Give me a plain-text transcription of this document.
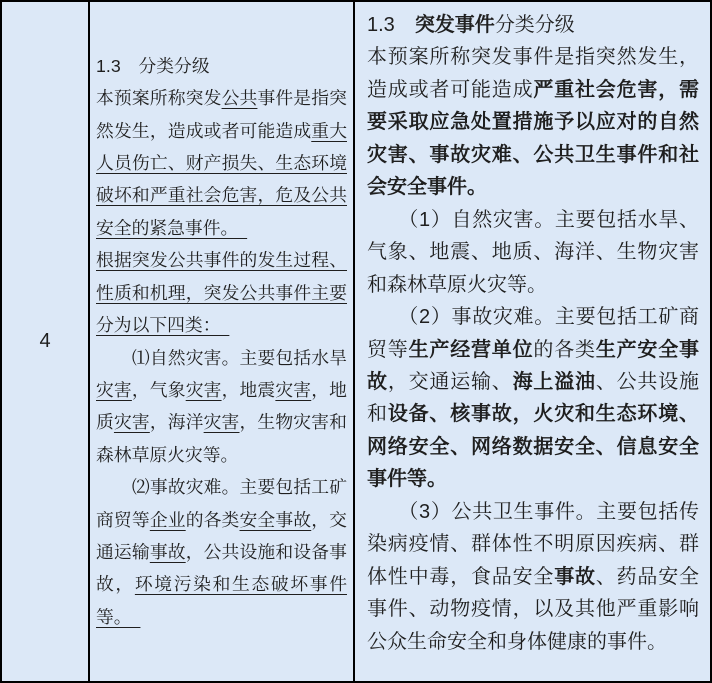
4

1.3　分类分级

本预案所称突发公共事件是指突然发生，造成或者可能造成重大人员伤亡、财产损失、生态环境破坏和严重社会危害，危及公共安全的紧急事件。　

根据突发公共事件的发生过程、性质和机理，突发公共事件主要分为以下四类：　

　　⑴自然灾害。主要包括水旱灾害，气象灾害，地震灾害，地质灾害，海洋灾害，生物灾害和森林草原火灾等。

　　⑵事故灾难。主要包括工矿商贸等企业的各类安全事故，交通运输事故，公共设施和设备事故，环境污染和生态破坏事件等。　

1.3　突发事件分类分级

本预案所称突发事件是指突然发生，造成或者可能造成严重社会危害，需要采取应急处置措施予以应对的自然灾害、事故灾难、公共卫生事件和社会安全事件。

　　（1）自然灾害。主要包括水旱、气象、地震、地质、海洋、生物灾害和森林草原火灾等。

　　（2）事故灾难。主要包括工矿商贸等生产经营单位的各类生产安全事故，交通运输、海上溢油、公共设施和设备、核事故，火灾和生态环境、网络安全、网络数据安全、信息安全事件等。

　　（3）公共卫生事件。主要包括传染病疫情、群体性不明原因疾病、群体性中毒，食品安全事故、药品安全事件、动物疫情，以及其他严重影响公众生命安全和身体健康的事件。
